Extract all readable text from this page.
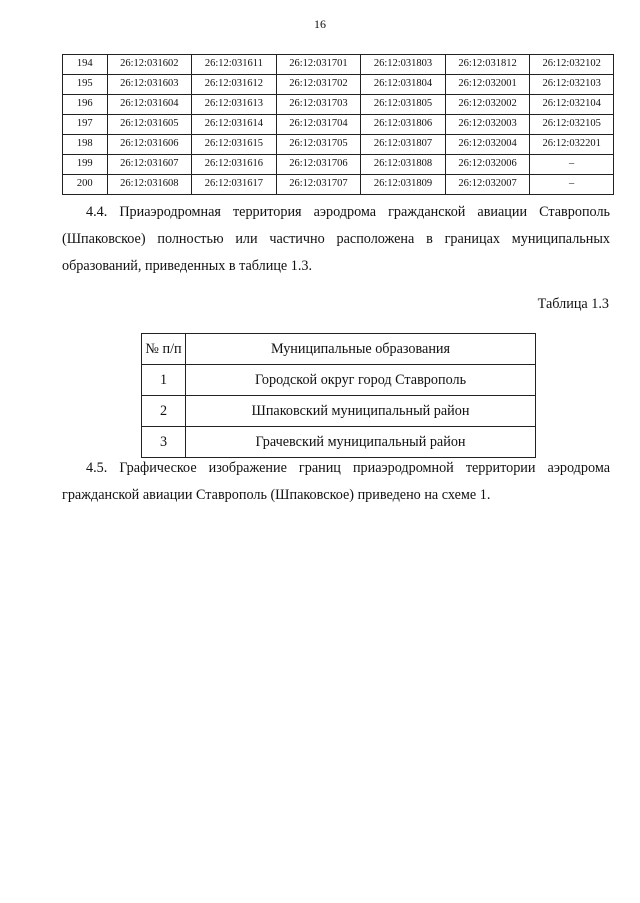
16
194	26:12:031602	26:12:031611	26:12:031701	26:12:031803	26:12:031812	26:12:032102
195	26:12:031603	26:12:031612	26:12:031702	26:12:031804	26:12:032001	26:12:032103
196	26:12:031604	26:12:031613	26:12:031703	26:12:031805	26:12:032002	26:12:032104
197	26:12:031605	26:12:031614	26:12:031704	26:12:031806	26:12:032003	26:12:032105
198	26:12:031606	26:12:031615	26:12:031705	26:12:031807	26:12:032004	26:12:032201
199	26:12:031607	26:12:031616	26:12:031706	26:12:031808	26:12:032006	–
200	26:12:031608	26:12:031617	26:12:031707	26:12:031809	26:12:032007	–

4.4. Приаэродромная территория аэродрома гражданской авиации Ставрополь (Шпаковское) полностью или частично расположена в границах муниципальных образований, приведенных в таблице 1.3.

Таблица 1.3
№ п/п	Муниципальные образования
1	Городской округ город Ставрополь
2	Шпаковский муниципальный район
3	Грачевский муниципальный район

4.5. Графическое изображение границ приаэродромной территории аэродрома гражданской авиации Ставрополь (Шпаковское) приведено на схеме 1.
